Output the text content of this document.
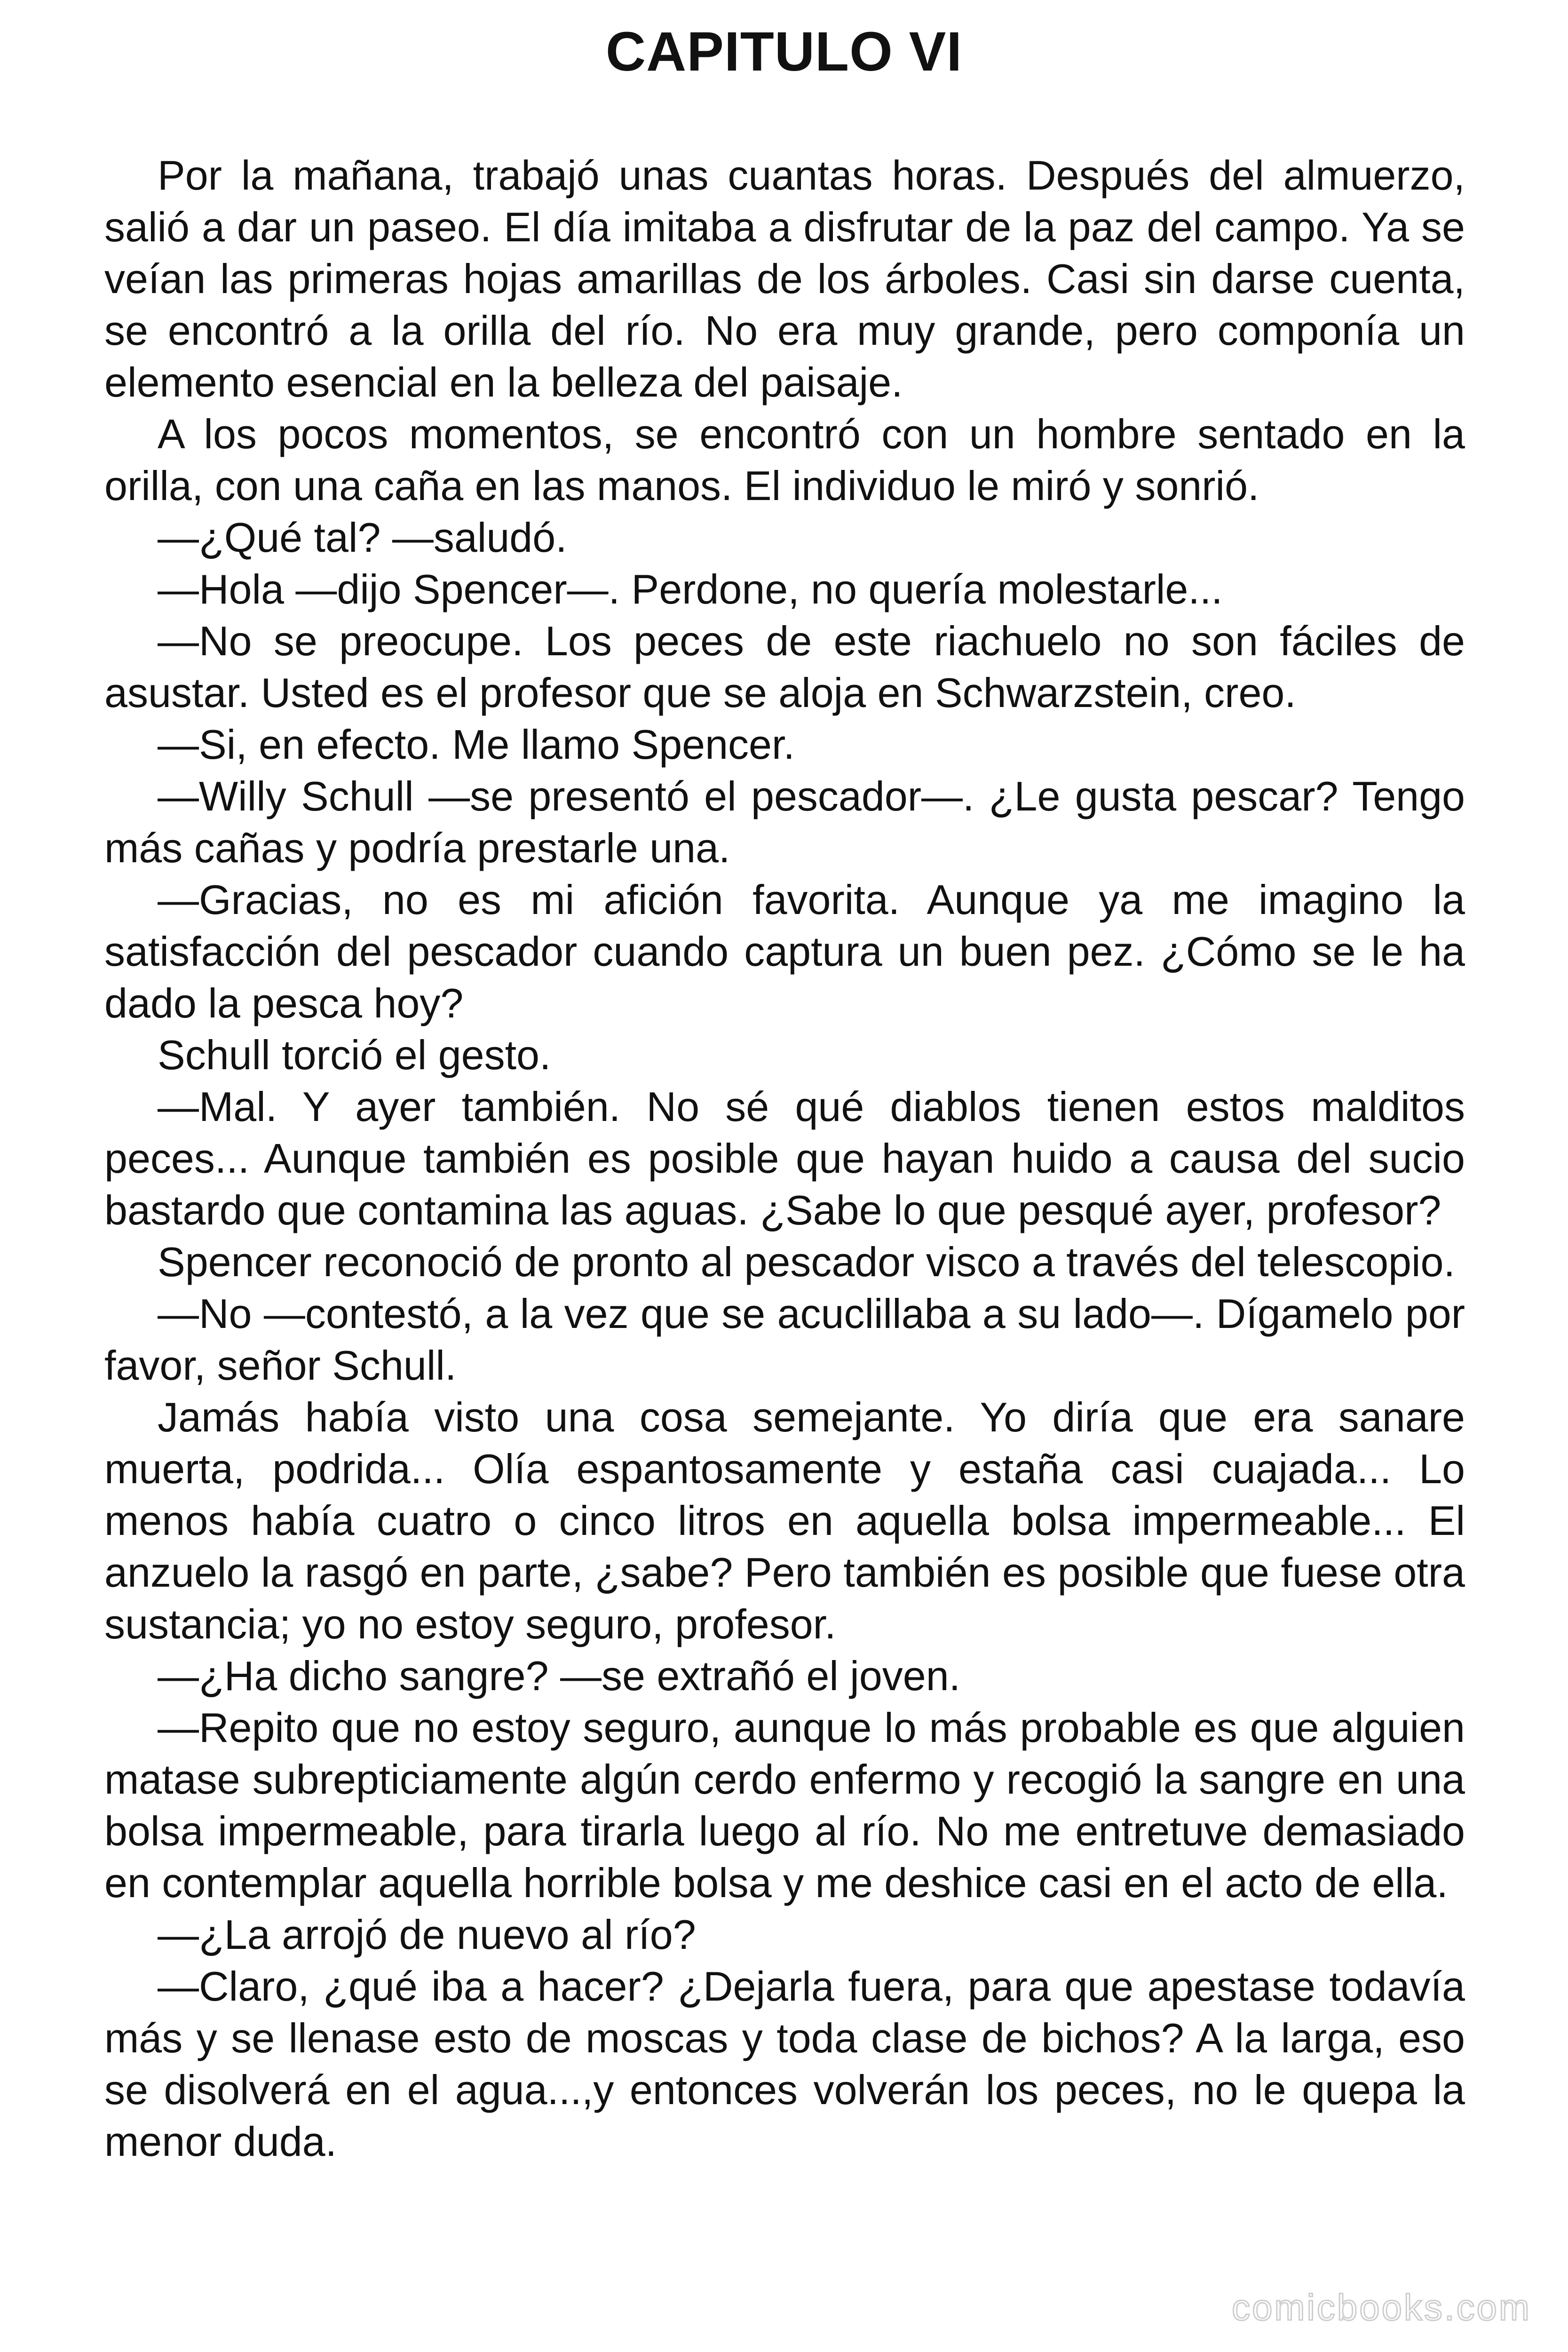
CAPITULO VI

Por la mañana, trabajó unas cuantas horas. Después del almuerzo, salió a dar un paseo. El día imitaba a disfrutar de la paz del campo. Ya se veían las primeras hojas amarillas de los árboles. Casi sin darse cuenta, se encontró a la orilla del río. No era muy grande, pero componía un elemento esencial en la belleza del paisaje.

A los pocos momentos, se encontró con un hombre sentado en la orilla, con una caña en las manos. El individuo le miró y sonrió.

—¿Qué tal? —saludó.

—Hola —dijo Spencer—. Perdone, no quería molestarle...

—No se preocupe. Los peces de este riachuelo no son fáciles de asustar. Usted es el profesor que se aloja en Schwarzstein, creo.

—Si, en efecto. Me llamo Spencer.

—Willy Schull —se presentó el pescador—. ¿Le gusta pescar? Tengo más cañas y podría prestarle una.

—Gracias, no es mi afición favorita. Aunque ya me imagino la satisfacción del pescador cuando captura un buen pez. ¿Cómo se le ha dado la pesca hoy?

Schull torció el gesto.

—Mal. Y ayer también. No sé qué diablos tienen estos malditos peces... Aunque también es posible que hayan huido a causa del sucio bastardo que contamina las aguas. ¿Sabe lo que pesqué ayer, profesor?

Spencer reconoció de pronto al pescador visco a través del telescopio.

—No —contestó, a la vez que se acuclillaba a su lado—. Dígamelo por favor, señor Schull.

Jamás había visto una cosa semejante. Yo diría que era sanare muerta, podrida... Olía espantosamente y estaña casi cuajada... Lo menos había cuatro o cinco litros en aquella bolsa impermeable... El anzuelo la rasgó en parte, ¿sabe? Pero también es posible que fuese otra sustancia; yo no estoy seguro, profesor.

—¿Ha dicho sangre? —se extrañó el joven.

—Repito que no estoy seguro, aunque lo más probable es que alguien matase subrepticiamente algún cerdo enfermo y recogió la sangre en una bolsa impermeable, para tirarla luego al río. No me entretuve demasiado en contemplar aquella horrible bolsa y me deshice casi en el acto de ella.

—¿La arrojó de nuevo al río?

—Claro, ¿qué iba a hacer? ¿Dejarla fuera, para que apestase todavía más y se llenase esto de moscas y toda clase de bichos? A la larga, eso se disolverá en el agua...,y entonces volverán los peces, no le quepa la menor duda.

comicbooks.com
